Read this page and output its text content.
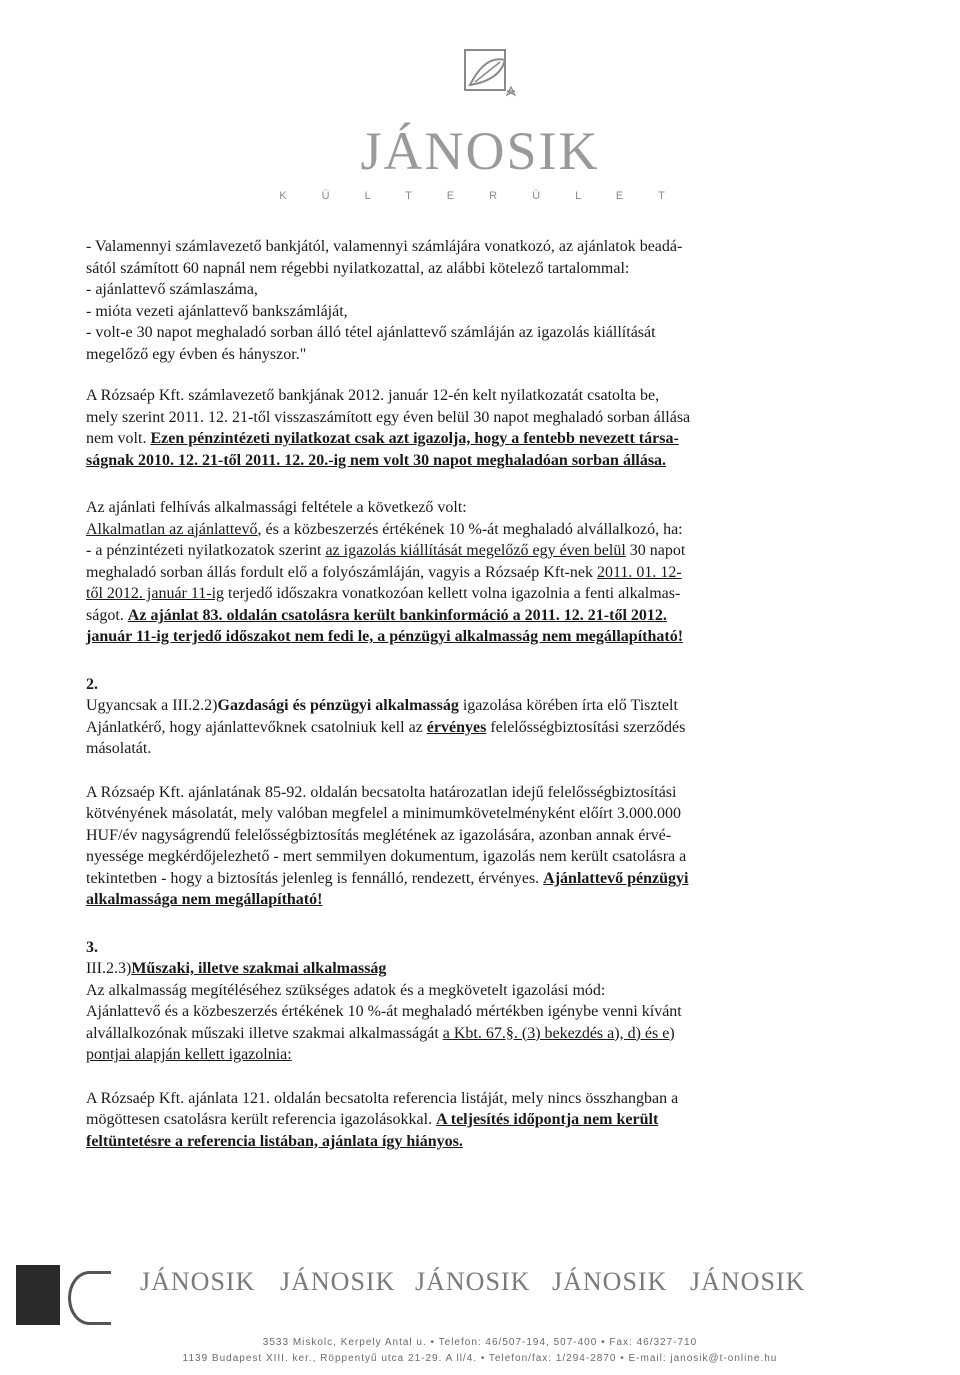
JÁNOSIK
K Ü L T E R Ü L E T

- Valamennyi számlavezető bankjától, valamennyi számlájára vonatkozó, az ajánlatok beadá-

sától számított 60 napnál nem régebbi nyilatkozattal, az alábbi kötelező tartalommal:

- ajánlattevő számlaszáma,

- mióta vezeti ajánlattevő bankszámláját,

- volt-e 30 napot meghaladó sorban álló tétel ajánlattevő számláján az igazolás kiállítását

megelőző egy évben és hányszor."

A Rózsaép Kft. számlavezető bankjának 2012. január 12-én kelt nyilatkozatát csatolta be,

mely szerint 2011. 12. 21-től visszaszámított egy éven belül 30 napot meghaladó sorban állása

nem volt. Ezen pénzintézeti nyilatkozat csak azt igazolja, hogy a fentebb nevezett társa-

ságnak 2010. 12. 21-től 2011. 12. 20.-ig nem volt 30 napot meghaladóan sorban állása.

Az ajánlati felhívás alkalmassági feltétele a következő volt:

Alkalmatlan az ajánlattevő, és a közbeszerzés értékének 10 %-át meghaladó alvállalkozó, ha:

- a pénzintézeti nyilatkozatok szerint az igazolás kiállítását megelőző egy éven belül 30 napot

meghaladó sorban állás fordult elő a folyószámláján, vagyis a Rózsaép Kft-nek 2011. 01. 12-

től 2012. január 11-ig terjedő időszakra vonatkozóan kellett volna igazolnia a fenti alkalmas-

ságot. Az ajánlat 83. oldalán csatolásra került bankinformáció a 2011. 12. 21-től 2012.

január 11-ig terjedő időszakot nem fedi le, a pénzügyi alkalmasság nem megállapítható!

2.

Ugyancsak a III.2.2)Gazdasági és pénzügyi alkalmasság igazolása körében írta elő Tisztelt

Ajánlatkérő, hogy ajánlattevőknek csatolniuk kell az érvényes felelősségbiztosítási szerződés

másolatát.

A Rózsaép Kft. ajánlatának 85-92. oldalán becsatolta határozatlan idejű felelősségbiztosítási

kötvényének másolatát, mely valóban megfelel a minimumkövetelményként előírt 3.000.000

HUF/év nagyságrendű felelősségbiztosítás meglétének az igazolására, azonban annak érvé-

nyessége megkérdőjelezhető - mert semmilyen dokumentum, igazolás nem került csatolásra a

tekintetben - hogy a biztosítás jelenleg is fennálló, rendezett, érvényes. Ajánlattevő pénzügyi

alkalmassága nem megállapítható!

3.

III.2.3)Műszaki, illetve szakmai alkalmasság

Az alkalmasság megítéléséhez szükséges adatok és a megkövetelt igazolási mód:

Ajánlattevő és a közbeszerzés értékének 10 %-át meghaladó mértékben igénybe venni kívánt

alvállalkozónak műszaki illetve szakmai alkalmasságát a Kbt. 67.§. (3) bekezdés a), d) és e)

pontjai alapján kellett igazolnia:

A Rózsaép Kft. ajánlata 121. oldalán becsatolta referencia listáját, mely nincs összhangban a

mögöttesen csatolásra került referencia igazolásokkal. A teljesítés időpontja nem került

feltüntetésre a referencia listában, ajánlata így hiányos.

JÁNOSIK JÁNOSIK JÁNOSIK JÁNOSIK JÁNOSIK
3533 Miskolc, Kerpely Antal u. • Telefon: 46/507-194, 507-400 • Fax: 46/327-710
1139 Budapest XIII. ker., Röppentyű utca 21-29. A ll/4. • Telefon/fax: 1/294-2870 • E-mail: janosik@t-online.hu
